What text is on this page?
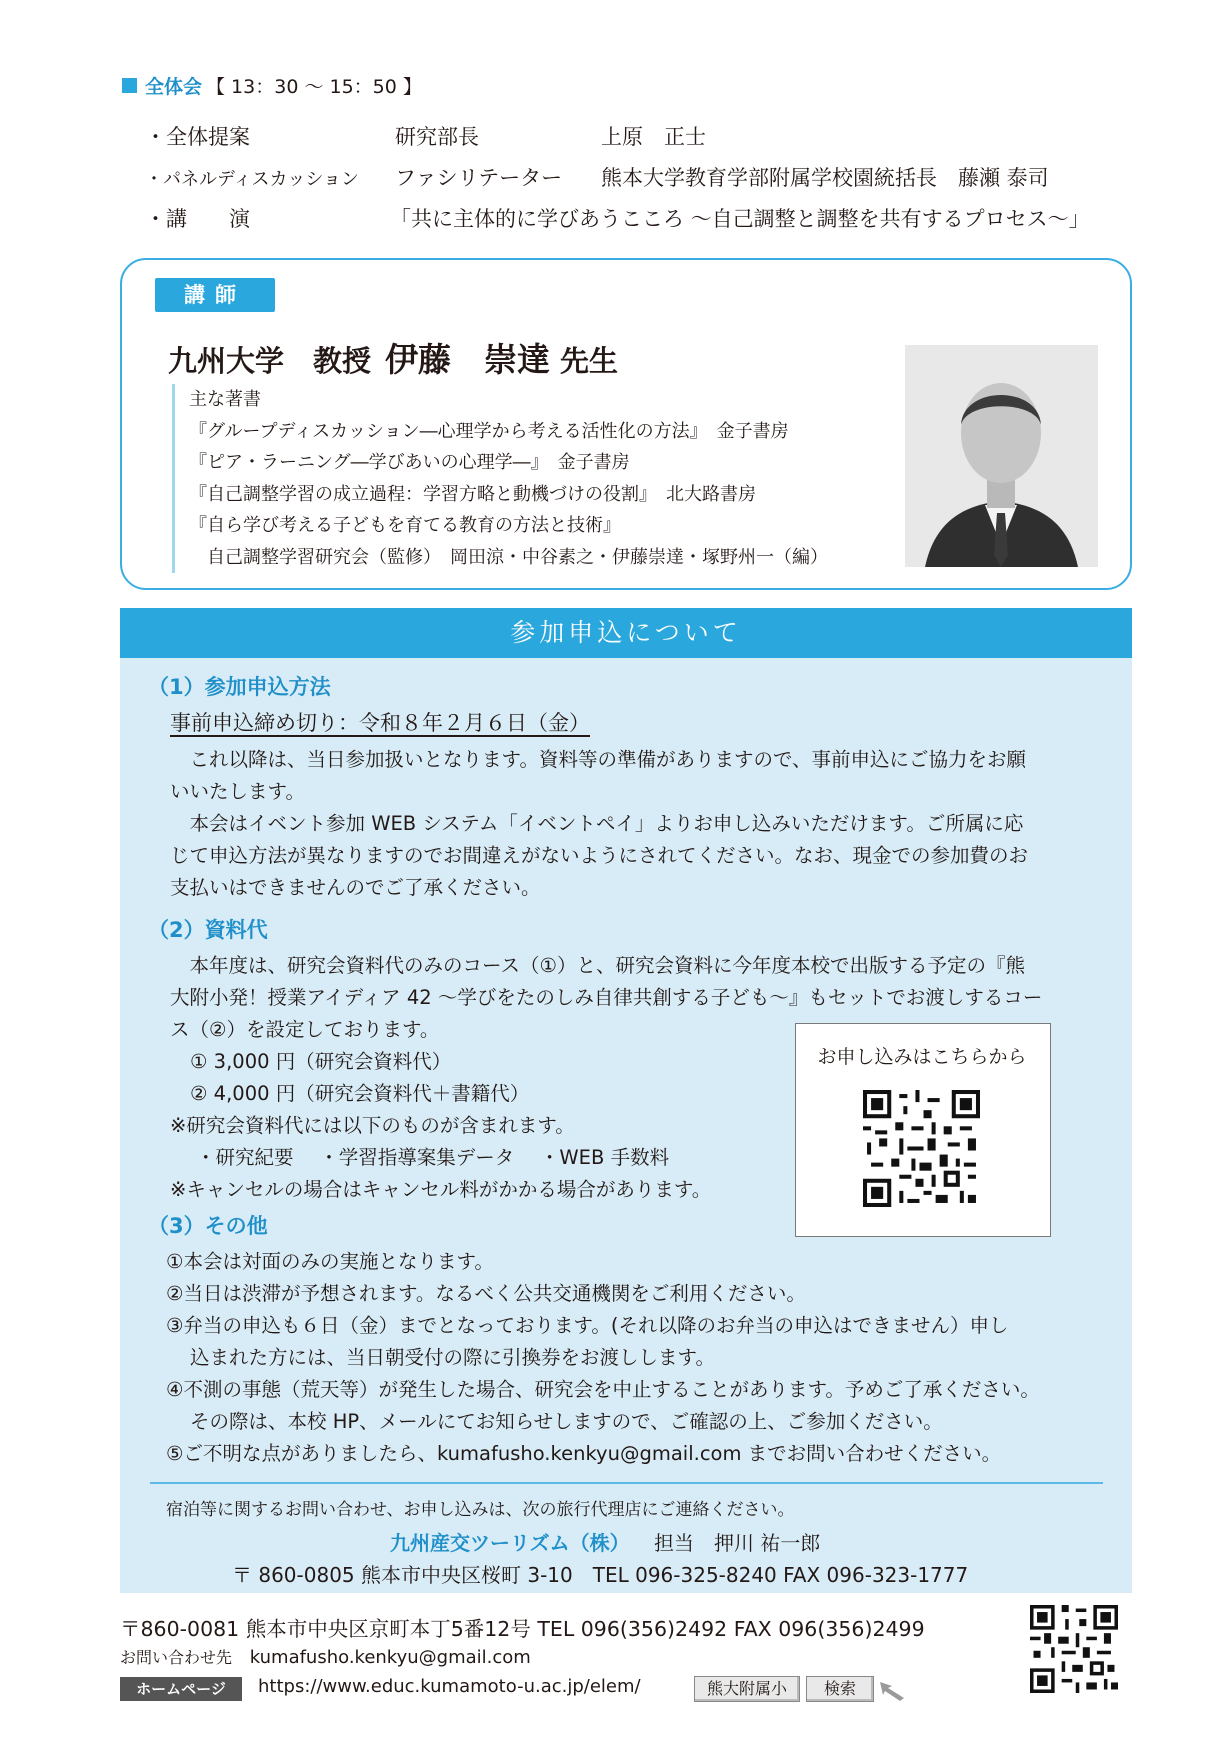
全体会 【 13：30 ～ 15：50 】
・全体提案	研究部長	上原　正士
・パネルディスカッション ファシリテーター 熊本大学教育学部附属学校園統括長　藤瀬 泰司
・講　　演	「共に主体的に学びあうこころ ～自己調整と調整を共有するプロセス～」
講師
九州大学　教授 伊藤　崇達 先生
主な著書
『グループディスカッション―心理学から考える活性化の方法』　金子書房
『ピア・ラーニング―学びあいの心理学―』　金子書房
『自己調整学習の成立過程：学習方略と動機づけの役割』　北大路書房
『自ら学び考える子どもを育てる教育の方法と技術』
　自己調整学習研究会（監修）　岡田涼・中谷素之・伊藤崇達・塚野州一（編）
参加申込について
（1）参加申込方法
事前申込締め切り：令和８年２月６日（金）
　これ以降は、当日参加扱いとなります。資料等の準備がありますので、事前申込にご協力をお願
いいたします。
　本会はイベント参加 WEB システム「イベントペイ」よりお申し込みいただけます。ご所属に応
じて申込方法が異なりますのでお間違えがないようにされてください。なお、現金での参加費のお
支払いはできませんのでご了承ください。
（2）資料代
　本年度は、研究会資料代のみのコース（①）と、研究会資料に今年度本校で出版する予定の『熊
大附小発！授業アイディア 42 ～学びをたのしみ自律共創する子ども～』もセットでお渡しするコー
ス（②）を設定しております。
① 3,000 円（研究会資料代）
② 4,000 円（研究会資料代＋書籍代）
※研究会資料代には以下のものが含まれます。
・研究紀要　 ・学習指導案集データ　 ・WEB 手数料
※キャンセルの場合はキャンセル料がかかる場合があります。
お申し込みはこちらから
（3）その他
①本会は対面のみの実施となります。
②当日は渋滞が予想されます。なるべく公共交通機関をご利用ください。
③弁当の申込も６日（金）までとなっております。(それ以降のお弁当の申込はできません）申し
込まれた方には、当日朝受付の際に引換券をお渡しします。
④不測の事態（荒天等）が発生した場合、研究会を中止することがあります。予めご了承ください。
その際は、本校 HP、メールにてお知らせしますので、ご確認の上、ご参加ください。
⑤ご不明な点がありましたら、kumafusho.kenkyu@gmail.com までお問い合わせください。
宿泊等に関するお問い合わせ、お申し込みは、次の旅行代理店にご連絡ください。
九州産交ツーリズム（株） 担当　押川 祐一郎
〒 860-0805 熊本市中央区桜町 3-10　TEL 096-325-8240 FAX 096-323-1777
〒860-0081 熊本市中央区京町本丁5番12号 TEL 096(356)2492 FAX 096(356)2499
お問い合わせ先 kumafusho.kenkyu@gmail.com
ホームページ	https://www.educ.kumamoto-u.ac.jp/elem/	熊大附属小	検索
